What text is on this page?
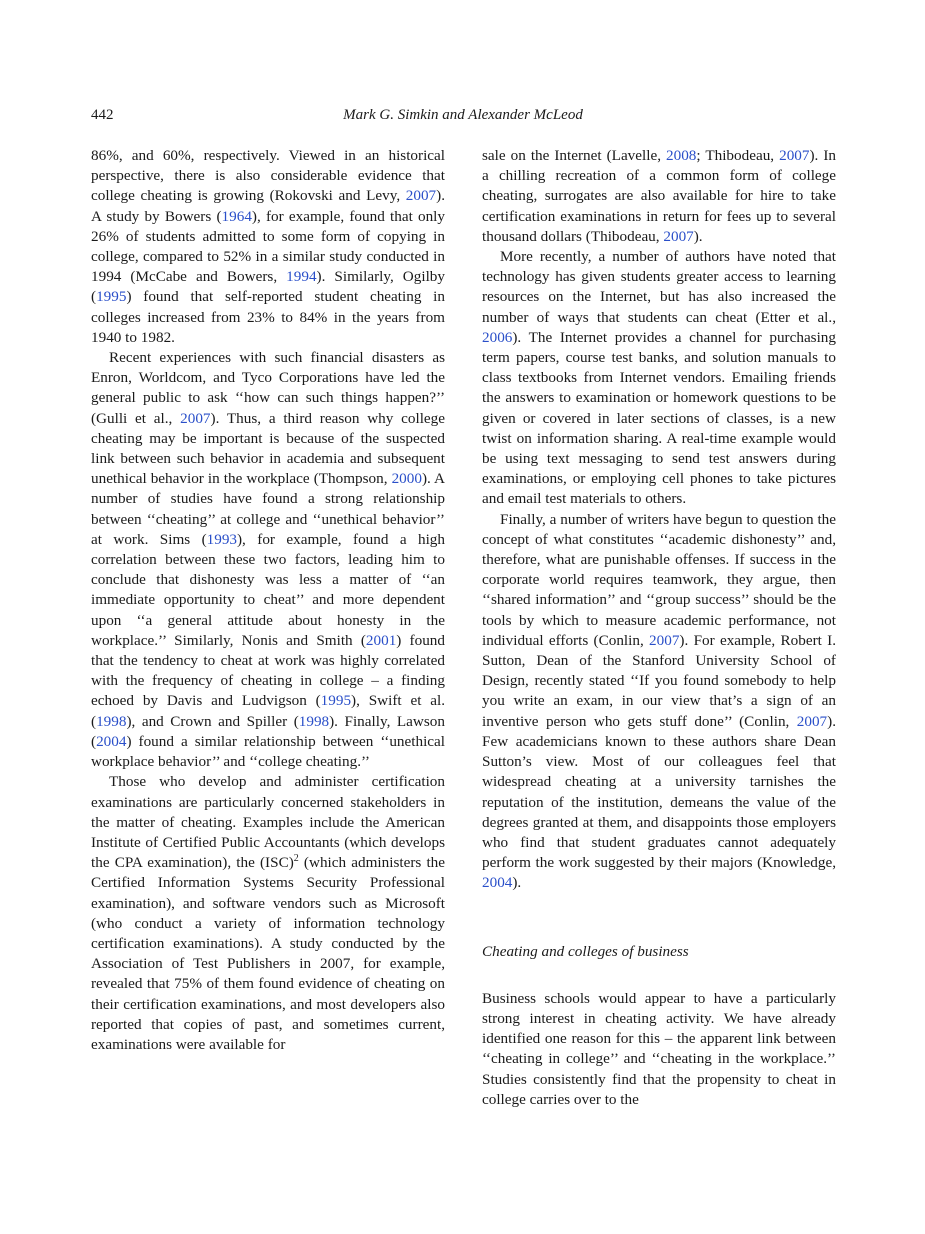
442	Mark G. Simkin and Alexander McLeod

86%, and 60%, respectively. Viewed in an historical perspective, there is also considerable evidence that college cheating is growing (Rokovski and Levy, 2007). A study by Bowers (1964), for example, found that only 26% of students admitted to some form of copying in college, compared to 52% in a similar study conducted in 1994 (McCabe and Bowers, 1994). Similarly, Ogilby (1995) found that self-reported student cheating in colleges increased from 23% to 84% in the years from 1940 to 1982.

Recent experiences with such financial disasters as Enron, Worldcom, and Tyco Corporations have led the general public to ask ‘‘how can such things happen?’’ (Gulli et al., 2007). Thus, a third reason why college cheating may be important is because of the suspected link between such behavior in academia and subsequent unethical behavior in the workplace (Thompson, 2000). A number of studies have found a strong relationship between ‘‘cheating’’ at college and ‘‘unethical behavior’’ at work. Sims (1993), for example, found a high correlation between these two factors, leading him to conclude that dishonesty was less a matter of ‘‘an immediate opportunity to cheat’’ and more dependent upon ‘‘a general attitude about honesty in the workplace.’’ Similarly, Nonis and Smith (2001) found that the tendency to cheat at work was highly correlated with the frequency of cheating in college – a finding echoed by Davis and Ludvigson (1995), Swift et al. (1998), and Crown and Spiller (1998). Finally, Lawson (2004) found a similar relationship between ‘‘unethical workplace behavior’’ and ‘‘college cheating.’’

Those who develop and administer certification examinations are particularly concerned stakeholders in the matter of cheating. Examples include the American Institute of Certified Public Accountants (which develops the CPA examination), the (ISC)$^2$ (which administers the Certified Information Systems Security Professional examination), and software vendors such as Microsoft (who conduct a variety of information technology certification examinations). A study conducted by the Association of Test Publishers in 2007, for example, revealed that 75% of them found evidence of cheating on their certification examinations, and most developers also reported that copies of past, and sometimes current, examinations were available for

sale on the Internet (Lavelle, 2008; Thibodeau, 2007). In a chilling recreation of a common form of college cheating, surrogates are also available for hire to take certification examinations in return for fees up to several thousand dollars (Thibodeau, 2007).

More recently, a number of authors have noted that technology has given students greater access to learning resources on the Internet, but has also increased the number of ways that students can cheat (Etter et al., 2006). The Internet provides a channel for purchasing term papers, course test banks, and solution manuals to class textbooks from Internet vendors. Emailing friends the answers to examination or homework questions to be given or covered in later sections of classes, is a new twist on information sharing. A real-time example would be using text messaging to send test answers during examinations, or employing cell phones to take pictures and email test materials to others.

Finally, a number of writers have begun to question the concept of what constitutes ‘‘academic dishonesty’’ and, therefore, what are punishable offenses. If success in the corporate world requires teamwork, they argue, then ‘‘shared information’’ and ‘‘group success’’ should be the tools by which to measure academic performance, not individual efforts (Conlin, 2007). For example, Robert I. Sutton, Dean of the Stanford University School of Design, recently stated ‘‘If you found somebody to help you write an exam, in our view that’s a sign of an inventive person who gets stuff done’’ (Conlin, 2007). Few academicians known to these authors share Dean Sutton’s view. Most of our colleagues feel that widespread cheating at a university tarnishes the reputation of the institution, demeans the value of the degrees granted at them, and disappoints those employers who find that student graduates cannot adequately perform the work suggested by their majors (Knowledge, 2004).

Cheating and colleges of business

Business schools would appear to have a particularly strong interest in cheating activity. We have already identified one reason for this – the apparent link between ‘‘cheating in college’’ and ‘‘cheating in the workplace.’’ Studies consistently find that the propensity to cheat in college carries over to the
